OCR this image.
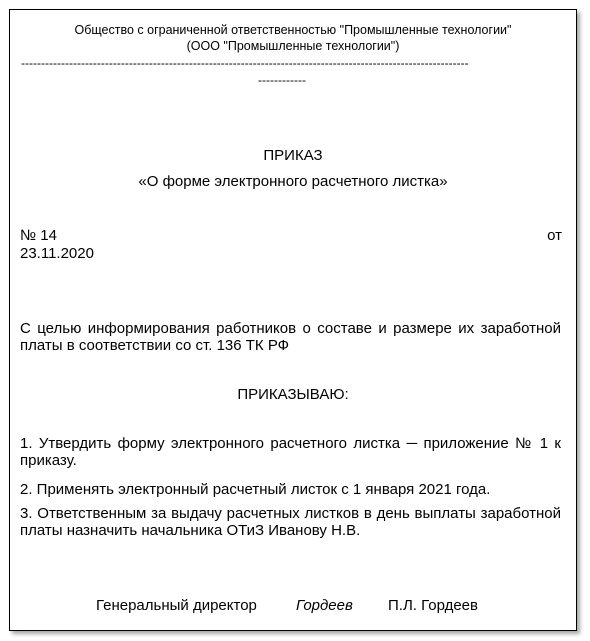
Общество с ограниченной ответственностью "Промышленные технологии"
(ООО "Промышленные технологии")
----------------------------------------------------------------------------------------------------------------
------------
ПРИКАЗ
«О форме электронного расчетного листка»
№ 14	от
23.11.2020
С целью информирования работников о составе и размере их заработной платы в соответствии со ст. 136 ТК РФ
ПРИКАЗЫВАЮ:
1. Утвердить форму электронного расчетного листка ─ приложение № 1 к приказу.
2. Применять электронный расчетный листок с 1 января 2021 года.
3. Ответственным за выдачу расчетных листков в день выплаты заработной платы назначить начальника ОТиЗ Иванову Н.В.
Генеральный директор	Гордеев П.Л. Гордеев
